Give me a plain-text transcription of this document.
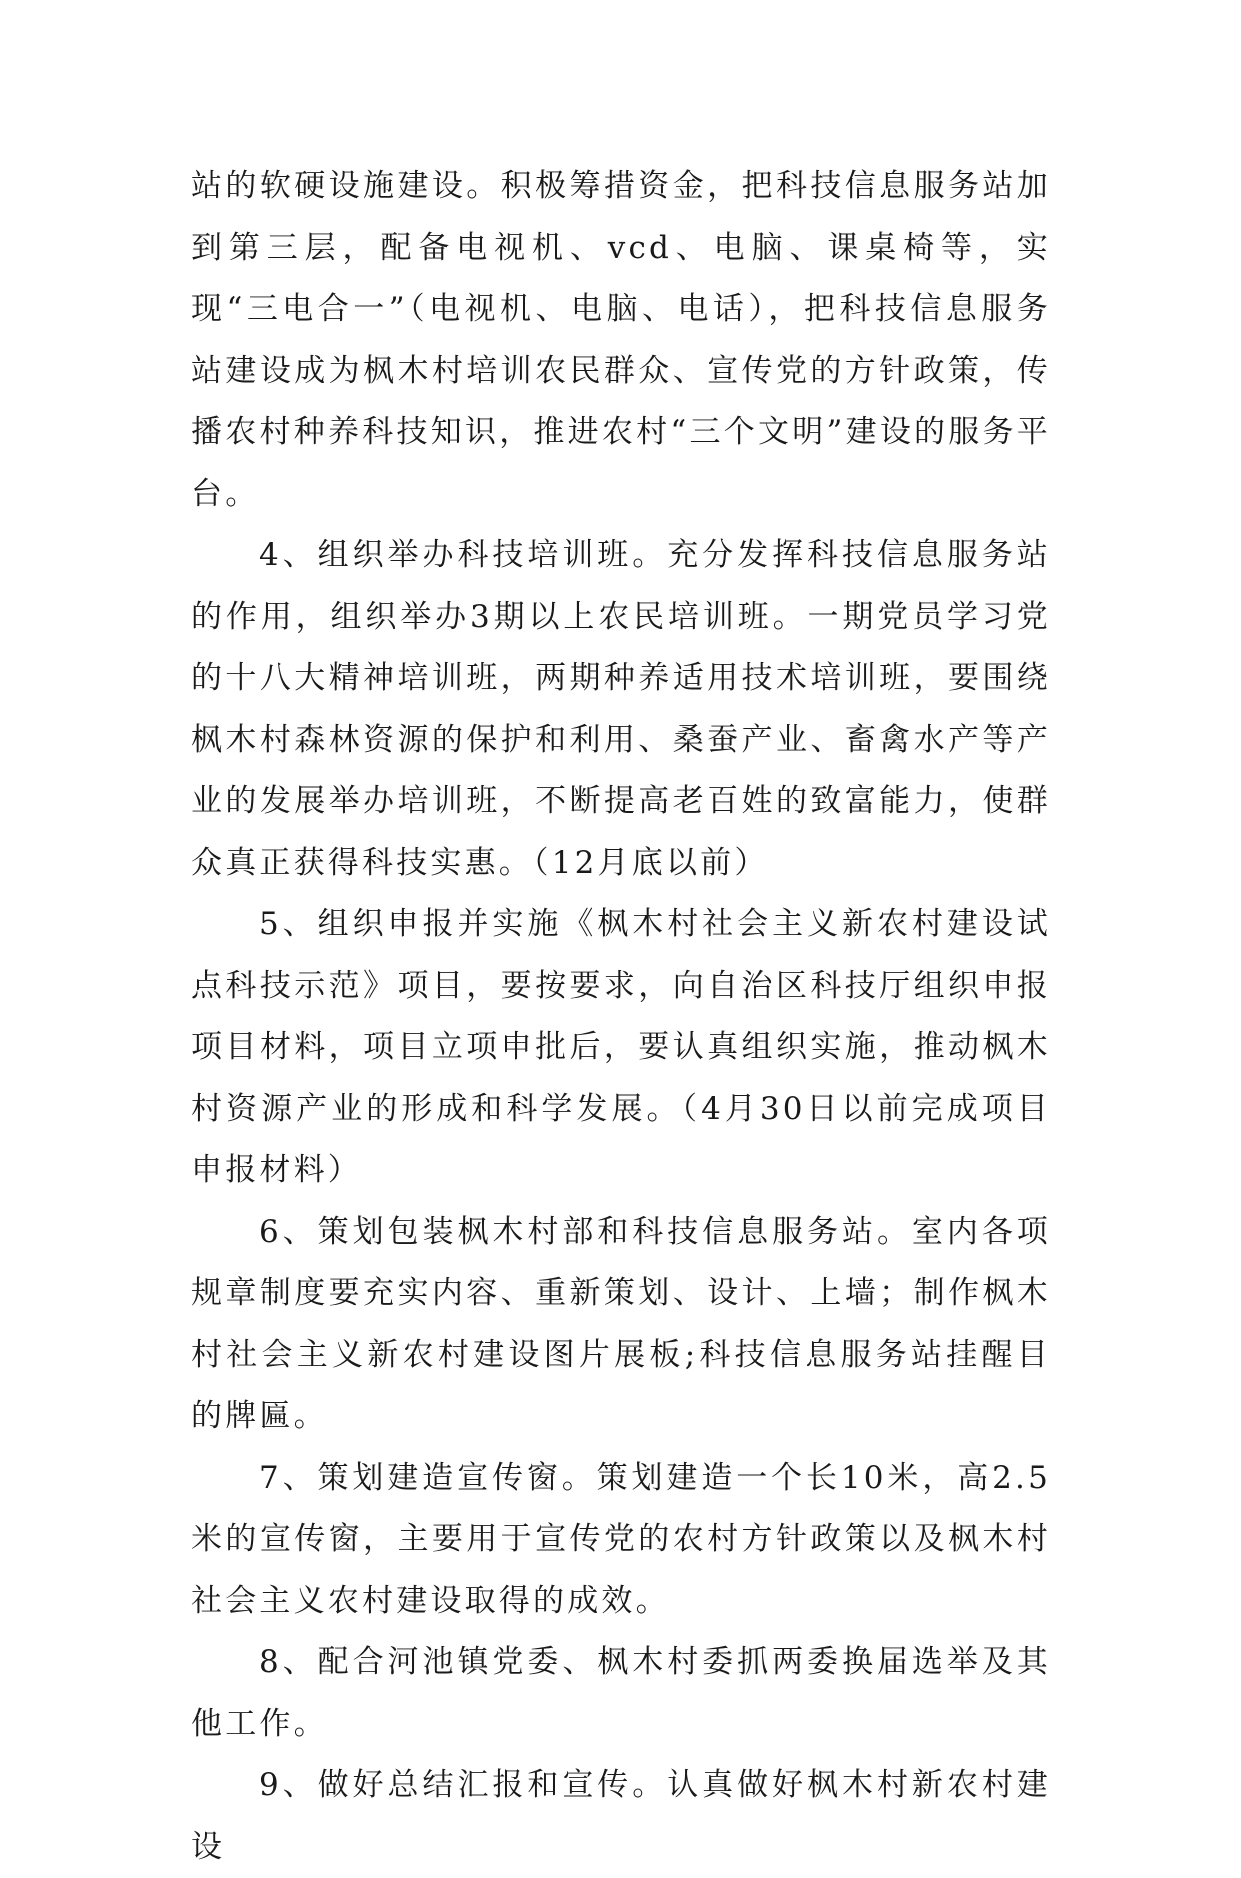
站的软硬设施建设。积极筹措资金，把科技信息服务站加到第三层，配备电视机、vcd、电脑、课桌椅等，实现“三电合一”（电视机、电脑、电话），把科技信息服务站建设成为枫木村培训农民群众、宣传党的方针政策，传播农村种养科技知识，推进农村“三个文明”建设的服务平台。

4、组织举办科技培训班。充分发挥科技信息服务站的作用，组织举办3期以上农民培训班。一期党员学习党的十八大精神培训班，两期种养适用技术培训班，要围绕枫木村森林资源的保护和利用、桑蚕产业、畜禽水产等产业的发展举办培训班，不断提高老百姓的致富能力，使群众真正获得科技实惠。（12月底以前）

5、组织申报并实施《枫木村社会主义新农村建设试点科技示范》项目，要按要求，向自治区科技厅组织申报项目材料，项目立项申批后，要认真组织实施，推动枫木村资源产业的形成和科学发展。（4月30日以前完成项目申报材料）

6、策划包装枫木村部和科技信息服务站。室内各项规章制度要充实内容、重新策划、设计、上墙；制作枫木村社会主义新农村建设图片展板;科技信息服务站挂醒目的牌匾。

7、策划建造宣传窗。策划建造一个长10米，高2.5米的宣传窗，主要用于宣传党的农村方针政策以及枫木村社会主义农村建设取得的成效。

8、配合河池镇党委、枫木村委抓两委换届选举及其他工作。

9、做好总结汇报和宣传。认真做好枫木村新农村建设
